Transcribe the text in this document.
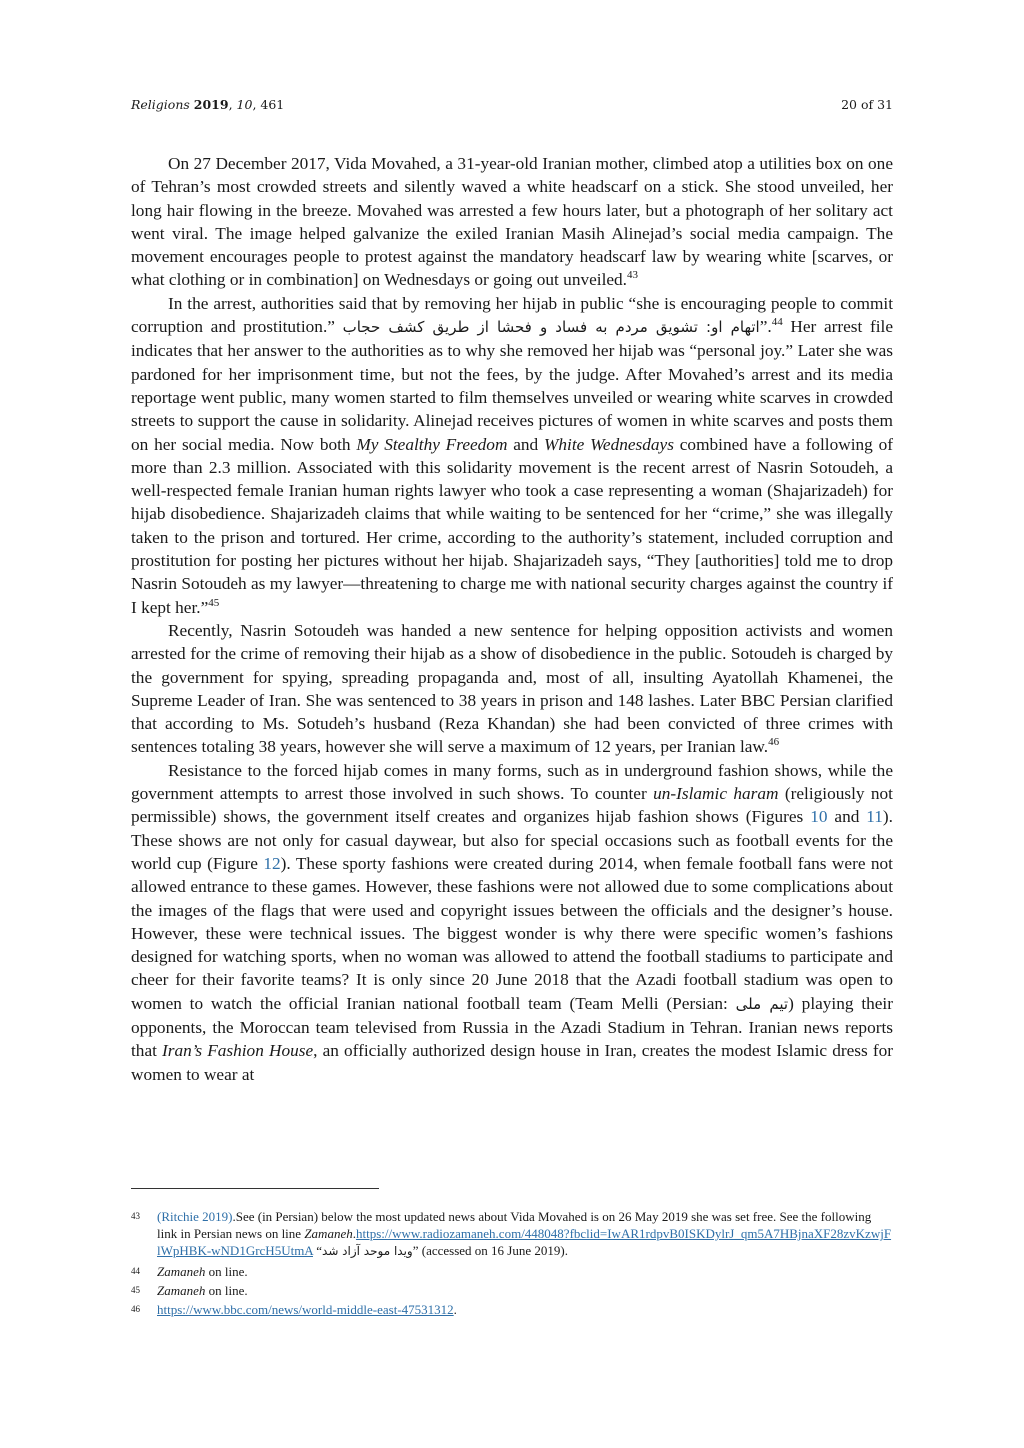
Religions 2019, 10, 461	20 of 31

On 27 December 2017, Vida Movahed, a 31-year-old Iranian mother, climbed atop a utilities box on one of Tehran’s most crowded streets and silently waved a white headscarf on a stick. She stood unveiled, her long hair flowing in the breeze. Movahed was arrested a few hours later, but a photograph of her solitary act went viral. The image helped galvanize the exiled Iranian Masih Alinejad’s social media campaign. The movement encourages people to protest against the mandatory headscarf law by wearing white [scarves, or what clothing or in combination] on Wednesdays or going out unveiled.$^{43}$

In the arrest, authorities said that by removing her hijab in public “she is encouraging people to commit corruption and prostitution.” اتهام او: تشویق مردم به فساد و فحشا از طریق کشف حجاب”.$^{44}$ Her arrest file indicates that her answer to the authorities as to why she removed her hijab was “personal joy.” Later she was pardoned for her imprisonment time, but not the fees, by the judge. After Movahed’s arrest and its media reportage went public, many women started to film themselves unveiled or wearing white scarves in crowded streets to support the cause in solidarity. Alinejad receives pictures of women in white scarves and posts them on her social media. Now both My Stealthy Freedom and White Wednesdays combined have a following of more than 2.3 million. Associated with this solidarity movement is the recent arrest of Nasrin Sotoudeh, a well-respected female Iranian human rights lawyer who took a case representing a woman (Shajarizadeh) for hijab disobedience. Shajarizadeh claims that while waiting to be sentenced for her “crime,” she was illegally taken to the prison and tortured. Her crime, according to the authority’s statement, included corruption and prostitution for posting her pictures without her hijab. Shajarizadeh says, “They [authorities] told me to drop Nasrin Sotoudeh as my lawyer—threatening to charge me with national security charges against the country if I kept her.”$^{45}$

Recently, Nasrin Sotoudeh was handed a new sentence for helping opposition activists and women arrested for the crime of removing their hijab as a show of disobedience in the public. Sotoudeh is charged by the government for spying, spreading propaganda and, most of all, insulting Ayatollah Khamenei, the Supreme Leader of Iran. She was sentenced to 38 years in prison and 148 lashes. Later BBC Persian clarified that according to Ms. Sotudeh’s husband (Reza Khandan) she had been convicted of three crimes with sentences totaling 38 years, however she will serve a maximum of 12 years, per Iranian law.$^{46}$

Resistance to the forced hijab comes in many forms, such as in underground fashion shows, while the government attempts to arrest those involved in such shows. To counter un-Islamic haram (religiously not permissible) shows, the government itself creates and organizes hijab fashion shows (Figures 10 and 11). These shows are not only for casual daywear, but also for special occasions such as football events for the world cup (Figure 12). These sporty fashions were created during 2014, when female football fans were not allowed entrance to these games. However, these fashions were not allowed due to some complications about the images of the flags that were used and copyright issues between the officials and the designer’s house. However, these were technical issues. The biggest wonder is why there were specific women’s fashions designed for watching sports, when no woman was allowed to attend the football stadiums to participate and cheer for their favorite teams? It is only since 20 June 2018 that the Azadi football stadium was open to women to watch the official Iranian national football team (Team Melli (Persian: تیم ملی) playing their opponents, the Moroccan team televised from Russia in the Azadi Stadium in Tehran. Iranian news reports that Iran’s Fashion House, an officially authorized design house in Iran, creates the modest Islamic dress for women to wear at

43	(Ritchie 2019).See (in Persian) below the most updated news about Vida Movahed is on 26 May 2019 she was set free. See the following link in Persian news on line Zamaneh.https://www.radiozamaneh.com/448048?fbclid=IwAR1rdpvB0ISKDylrJ_qm5A7HBjnaXF28zvKzwjFlWpHBK-wND1GrcH5UtmA “ویدا موحد آزاد شد” (accessed on 16 June 2019).
44	Zamaneh on line.
45	Zamaneh on line.
46	https://www.bbc.com/news/world-middle-east-47531312.
